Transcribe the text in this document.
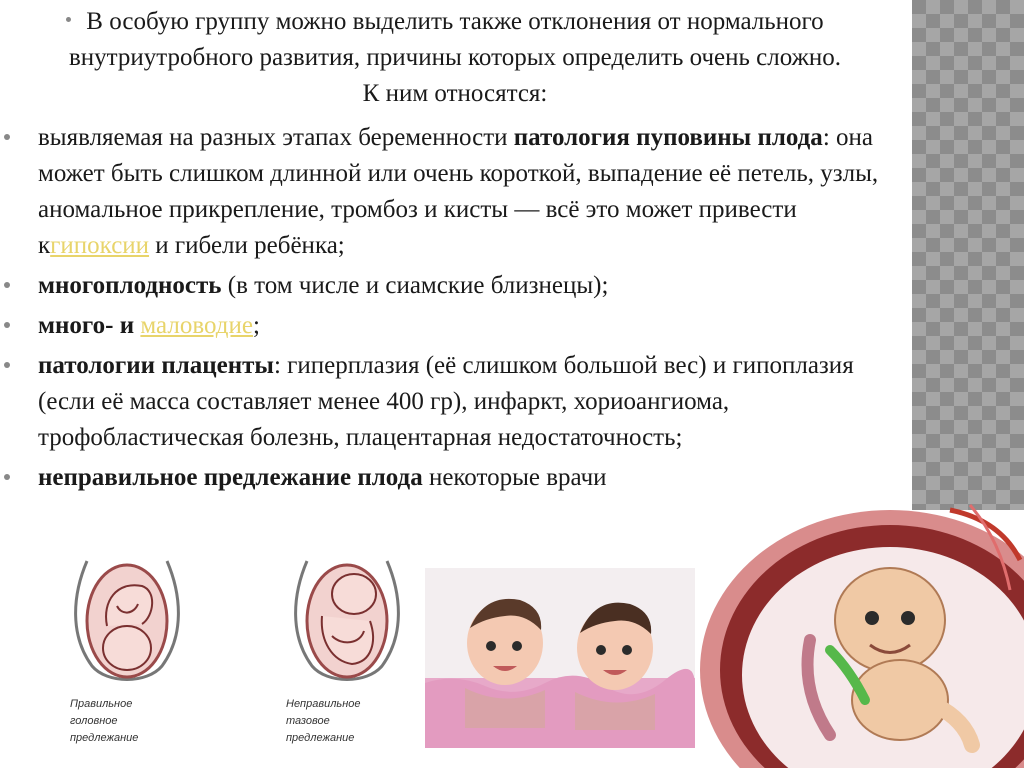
В особую группу можно выделить также отклонения от нормального внутриутробного развития, причины которых определить очень сложно. К ним относятся:
выявляемая на разных этапах беременности патология пуповины плода: она может быть слишком длинной или очень короткой, выпадение её петель, узлы, аномальное прикрепление, тромбоз и кисты — всё это может привести кгипоксии и гибели ребёнка;
многоплодность (в том числе и сиамские близнецы);
много- и маловодие;
патологии плаценты: гиперплазия (её слишком большой вес) и гипоплазия (если её масса составляет менее 400 гр), инфаркт, хориоангиома, трофобластическая болезнь, плацентарная недостаточность;
неправильное предлежание плода некоторые врачи
Правильное
головное
предлежание
Неправильное
тазовое
предлежание
